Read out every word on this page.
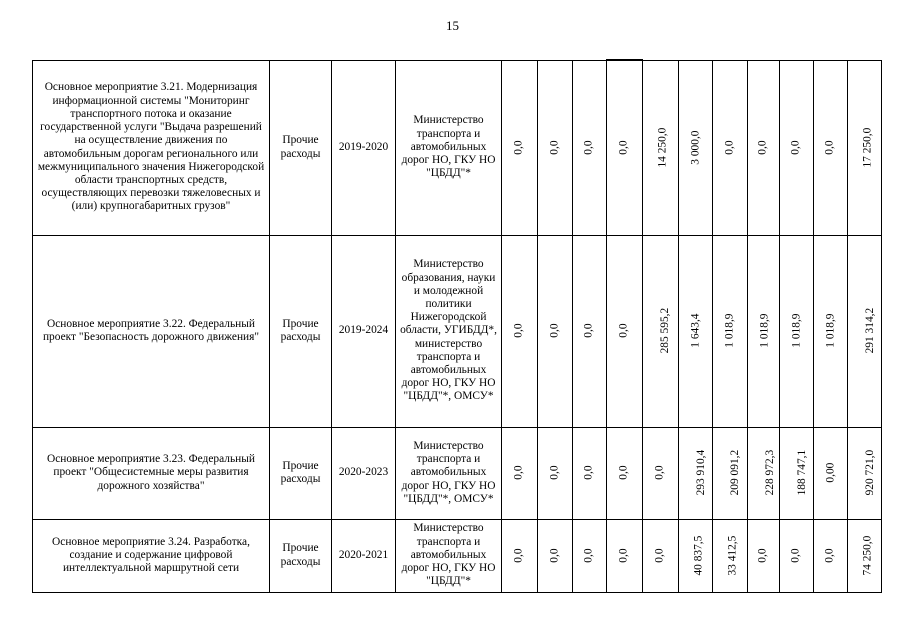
15
Основное мероприятие 3.21. Модернизация информационной системы "Мониторинг транспортного потока и оказание государственной услуги "Выдача разрешений на осуществление движения по автомобильным дорогам регионального или межмуниципального значения Нижегородской области транспортных средств, осуществляющих перевозки тяжеловесных и (или) крупногабаритных грузов"	Прочие расходы	2019-2020	Министерство транспорта и автомобильных дорог НО, ГКУ НО "ЦБДД"*	0,0	0,0	0,0	0,0	14 250,0	3 000,0	0,0	0,0	0,0	0,0	17 250,0
Основное мероприятие 3.22. Федеральный проект "Безопасность дорожного движения"	Прочие расходы	2019-2024	Министерство образования, науки и молодежной политики Нижегородской области, УГИБДД*, министерство транспорта и автомобильных дорог НО, ГКУ НО "ЦБДД"*, ОМСУ*	0,0	0,0	0,0	0,0	285 595,2	1 643,4	1 018,9	1 018,9	1 018,9	1 018,9	291 314,2
Основное мероприятие 3.23. Федеральный проект "Общесистемные меры развития дорожного хозяйства"	Прочие расходы	2020-2023	Министерство транспорта и автомобильных дорог НО, ГКУ НО "ЦБДД"*, ОМСУ*	0,0	0,0	0,0	0,0	0,0	293 910,4	209 091,2	228 972,3	188 747,1	0,00	920 721,0
Основное мероприятие 3.24. Разработка, создание и содержание цифровой интеллектуальной маршрутной сети	Прочие расходы	2020-2021	Министерство транспорта и автомобильных дорог НО, ГКУ НО "ЦБДД"*	0,0	0,0	0,0	0,0	0,0	40 837,5	33 412,5	0,0	0,0	0,0	74 250,0
